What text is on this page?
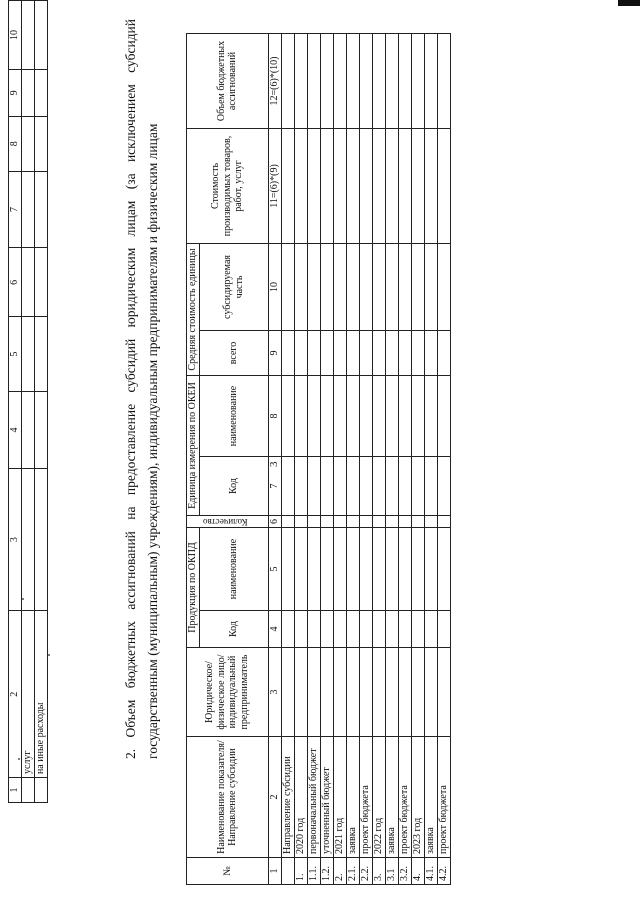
3
1	2	3	4	5	6	7	8	9	10
	услуг								
	на иные расходы									2. Объем бюджетных ассигнований на предоставление субсидий юридическим лицам (за исключением субсидий государственным (муниципальным) учреждениям), индивидуальным предпринимателям и физическим лицам
№	Наименование показателя/ Направление субсидии	Юридическое/физическое лицо/ индивидуальный предприниматель	Продукция по ОКПД		Количество	Единица измерения по ОКЕИ		Средняя стоимость единицы		Стоимость производимых товаров, работ, услуг	Объем бюджетных ассигнований
			Код	наименование		Код	наименование	всего	субсидируемая часть		
1	2	3	4	5	6	7	8	9	10	11=(6)*(9)	12=(6)*(10)
	Направление субсидии										
1.	2020 год										
1.1.	первоначальный бюджет										
1.2.	уточненный бюджет										
2.	2021 год										
2.1.	заявка										
2.2.	проект бюджета										
3.	2022 год										
3.1	заявка										
3.2.	проект бюджета										
4.	2023 год										
4.1.	заявка										
4.2.	проект бюджета										
